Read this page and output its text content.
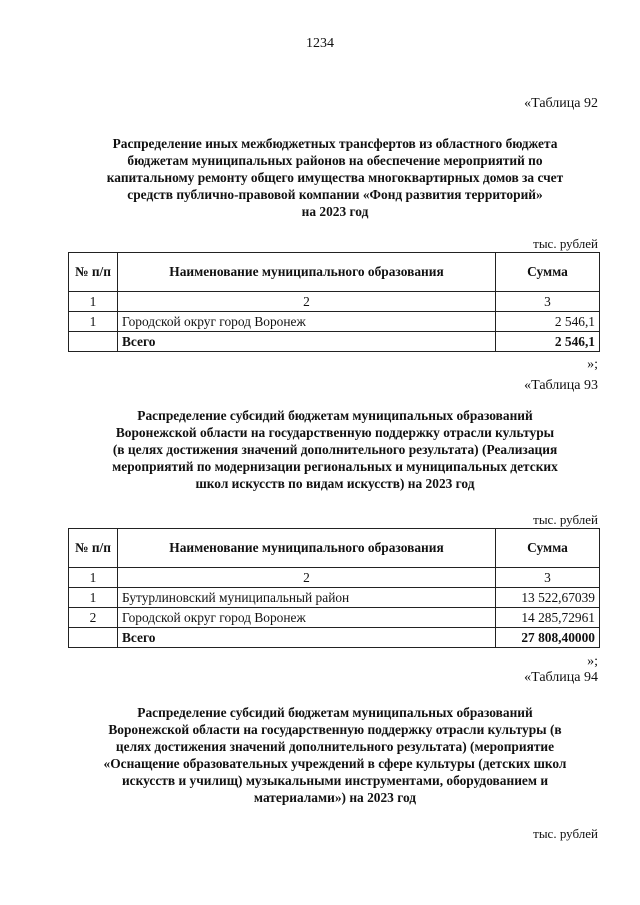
1234
«Таблица 92
Распределение иных межбюджетных трансфертов из областного бюджета
бюджетам муниципальных районов на обеспечение мероприятий по
капитальному ремонту общего имущества многоквартирных домов за счет
средств публично-правовой компании «Фонд развития территорий»
на 2023 год
тыс. рублей
№ п/п	Наименование муниципального образования	Сумма
1	2	3
1	Городской округ город Воронеж	2 546,1
	Всего	2 546,1
»;
«Таблица 93
Распределение субсидий бюджетам муниципальных образований
Воронежской области на государственную поддержку отрасли культуры
(в целях достижения значений дополнительного результата) (Реализация
мероприятий по модернизации региональных и муниципальных детских
школ искусств по видам искусств) на 2023 год
тыс. рублей
№ п/п	Наименование муниципального образования	Сумма
1	2	3
1	Бутурлиновский муниципальный район	13 522,67039
2	Городской округ город Воронеж	14 285,72961
	Всего	27 808,40000
»;
«Таблица 94
Распределение субсидий бюджетам муниципальных образований
Воронежской области на государственную поддержку отрасли культуры (в
целях достижения значений дополнительного результата) (мероприятие
«Оснащение образовательных учреждений в сфере культуры (детских школ
искусств и училищ) музыкальными инструментами, оборудованием и
материалами») на 2023 год
тыс. рублей
